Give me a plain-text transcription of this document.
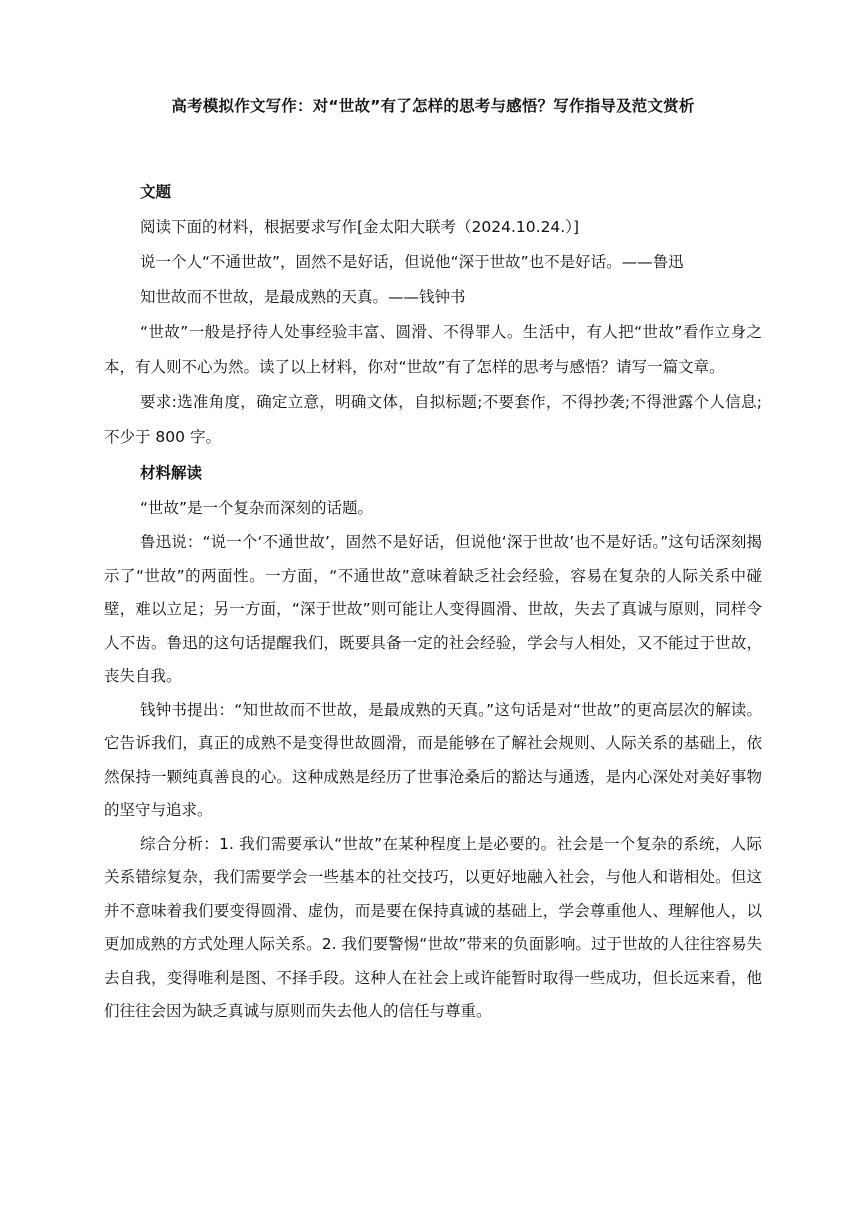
高考模拟作文写作：对“世故”有了怎样的思考与感悟？写作指导及范文赏析

文题

阅读下面的材料，根据要求写作[金太阳大联考（2024.10.24.）]

说一个人“不通世故”，固然不是好话，但说他“深于世故”也不是好话。——鲁迅

知世故而不世故，是最成熟的天真。——钱钟书

“世故”一般是抒待人处事经验丰富、圆滑、不得罪人。生活中，有人把“世故”看作立身之本，有人则不心为然。读了以上材料，你对“世故”有了怎样的思考与感悟？请写一篇文章。

要求:选准角度，确定立意，明确文体，自拟标题;不要套作，不得抄袭;不得泄露个人信息;不少于 800 字。

材料解读

“世故”是一个复杂而深刻的话题。

鲁迅说：“说一个‘不通世故’，固然不是好话，但说他‘深于世故’也不是好话。”这句话深刻揭示了“世故”的两面性。一方面，“不通世故”意味着缺乏社会经验，容易在复杂的人际关系中碰壁，难以立足；另一方面，“深于世故”则可能让人变得圆滑、世故，失去了真诚与原则，同样令人不齿。鲁迅的这句话提醒我们，既要具备一定的社会经验，学会与人相处，又不能过于世故，丧失自我。

钱钟书提出：“知世故而不世故，是最成熟的天真。”这句话是对“世故”的更高层次的解读。它告诉我们，真正的成熟不是变得世故圆滑，而是能够在了解社会规则、人际关系的基础上，依然保持一颗纯真善良的心。这种成熟是经历了世事沧桑后的豁达与通透，是内心深处对美好事物的坚守与追求。

综合分析：1. 我们需要承认“世故”在某种程度上是必要的。社会是一个复杂的系统，人际关系错综复杂，我们需要学会一些基本的社交技巧，以更好地融入社会，与他人和谐相处。但这并不意味着我们要变得圆滑、虚伪，而是要在保持真诚的基础上，学会尊重他人、理解他人，以更加成熟的方式处理人际关系。2. 我们要警惕“世故”带来的负面影响。过于世故的人往往容易失去自我，变得唯利是图、不择手段。这种人在社会上或许能暂时取得一些成功，但长远来看，他们往往会因为缺乏真诚与原则而失去他人的信任与尊重。
